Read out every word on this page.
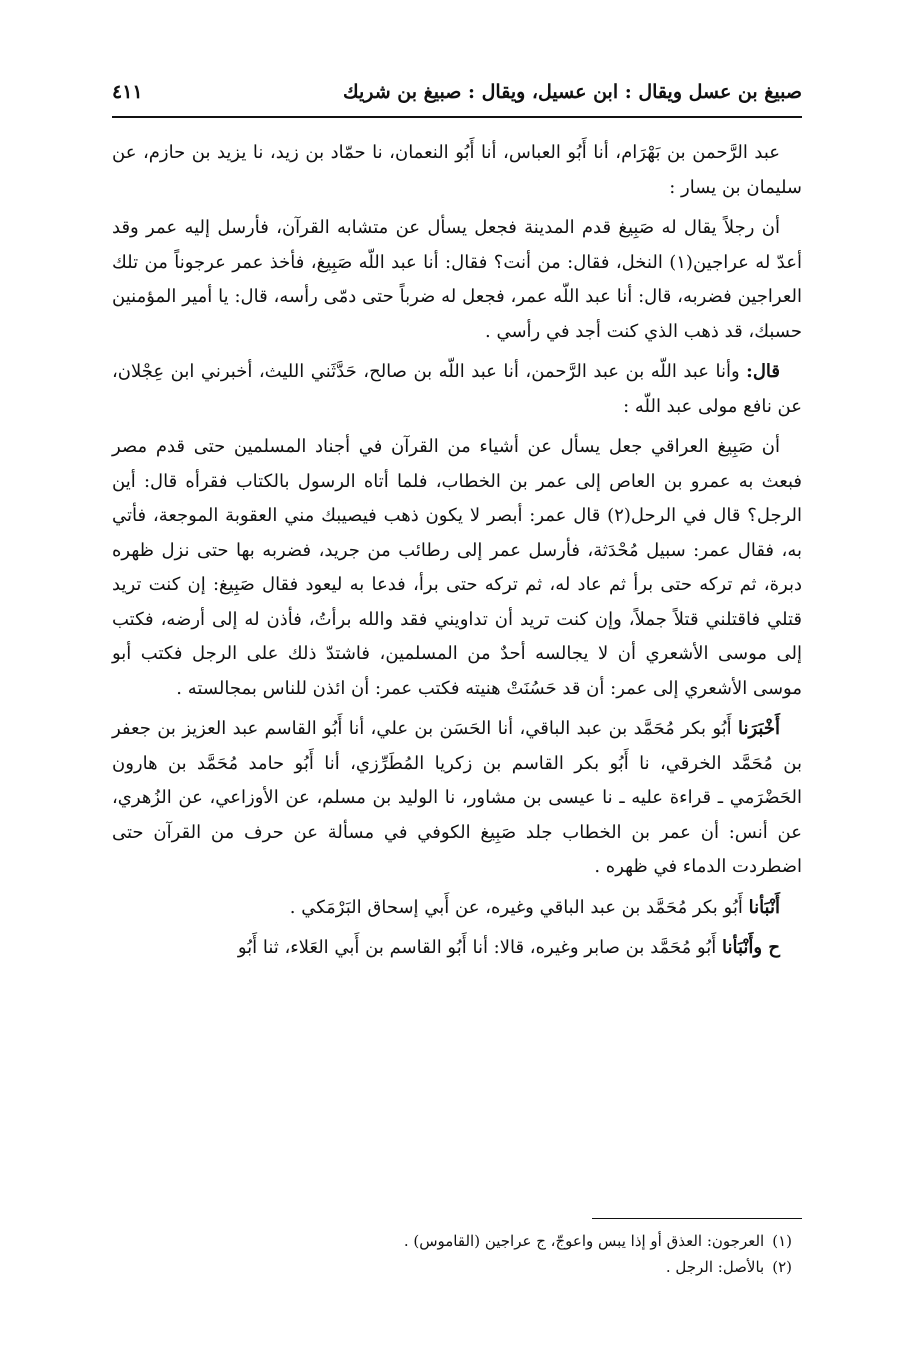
صبيغ بن عسل ويقال : ابن عسيل، ويقال : صبيغ بن شريك
٤١١

عبد الرَّحمن بن بَهْرَام، أنا أَبُو العباس، أنا أَبُو النعمان، نا حمّاد بن زيد، نا يزيد بن حازم، عن سليمان بن يسار :

أن رجلاً يقال له صَبِيغ قدم المدينة فجعل يسأل عن متشابه القرآن، فأرسل إليه عمر وقد أعدّ له عراجين(١) النخل، فقال: من أنت؟ فقال: أنا عبد اللّه صَبِيغ، فأخذ عمر عرجوناً من تلك العراجين فضربه، قال: أنا عبد اللّه عمر، فجعل له ضرباً حتى دمّى رأسه، قال: يا أمير المؤمنين حسبك، قد ذهب الذي كنت أجد في رأسي .

قال: وأنا عبد اللّه بن عبد الرَّحمن، أنا عبد اللّه بن صالح، حَدَّثَني الليث، أخبرني ابن عِجْلان، عن نافع مولى عبد اللّه :

أن صَبِيغ العراقي جعل يسأل عن أشياء من القرآن في أجناد المسلمين حتى قدم مصر فبعث به عمرو بن العاص إلى عمر بن الخطاب، فلما أتاه الرسول بالكتاب فقرأه قال: أين الرجل؟ قال في الرحل(٢) قال عمر: أبصر لا يكون ذهب فيصيبك مني العقوبة الموجعة، فأتي به، فقال عمر: سبيل مُحْدَثة، فأرسل عمر إلى رطائب من جريد، فضربه بها حتى نزل ظهره دبرة، ثم تركه حتى برأ ثم عاد له، ثم تركه حتى برأ، فدعا به ليعود فقال صَبِيغ: إن كنت تريد قتلي فاقتلني قتلاً جملاً، وإن كنت تريد أن تداويني فقد والله برأتُ، فأذن له إلى أرضه، فكتب إلى موسى الأشعري أن لا يجالسه أحدٌ من المسلمين، فاشتدّ ذلك على الرجل فكتب أبو موسى الأشعري إلى عمر: أن قد حَسُنَتْ هنيته فكتب عمر: أن ائذن للناس بمجالسته .

أَخْبَرَنا أَبُو بكر مُحَمَّد بن عبد الباقي، أنا الحَسَن بن علي، أنا أَبُو القاسم عبد العزيز بن جعفر بن مُحَمَّد الخرقي، نا أَبُو بكر القاسم بن زكريا المُطَرِّزي، أنا أَبُو حامد مُحَمَّد بن هارون الحَضْرَمي ـ قراءة عليه ـ نا عيسى بن مشاور، نا الوليد بن مسلم، عن الأوزاعي، عن الزُهري، عن أنس: أن عمر بن الخطاب جلد صَبِيغ الكوفي في مسألة عن حرف من القرآن حتى اضطردت الدماء في ظهره .

أَنْبَأنا أَبُو بكر مُحَمَّد بن عبد الباقي وغيره، عن أَبي إسحاق البَرْمَكي .

ح وأَنْبَأنا أَبُو مُحَمَّد بن صابر وغيره، قالا: أنا أَبُو القاسم بن أَبي العَلاء، ثنا أَبُو

(١)العرجون: العذق أو إذا يبس واعوجّ، ج عراجين (القاموس) .

(٢)بالأصل: الرجل .
